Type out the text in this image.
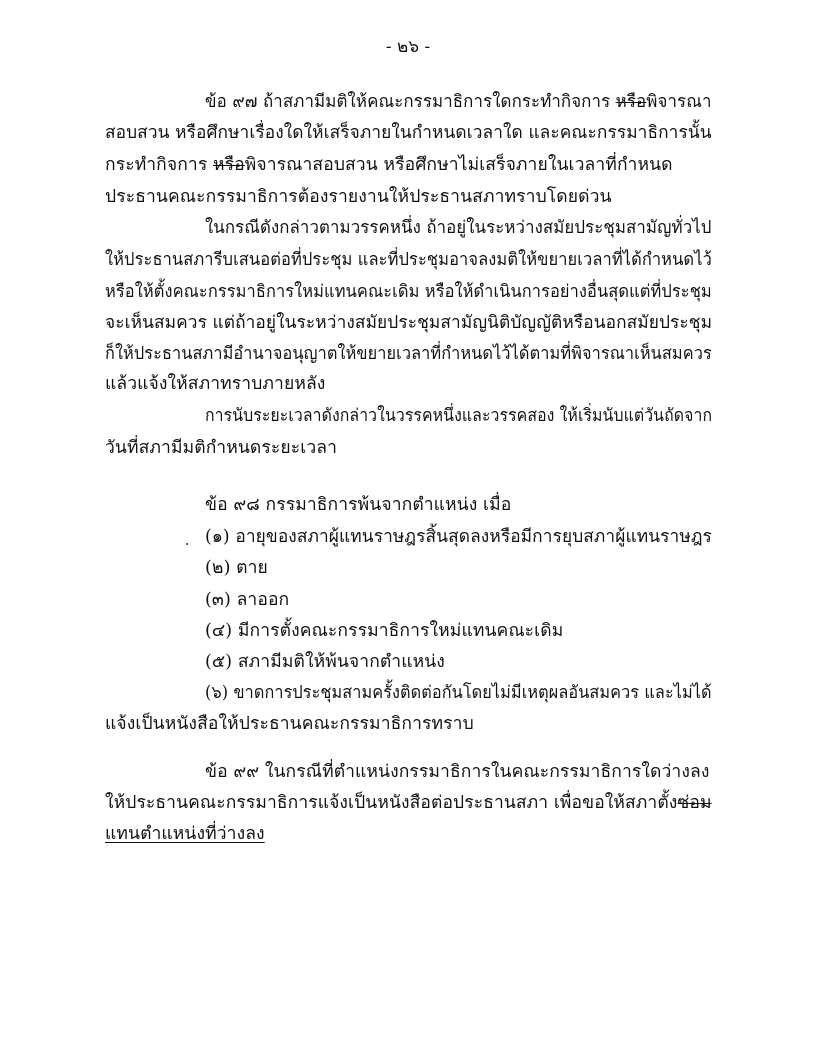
- ๒๖ -
ข้อ ๙๗ ถ้าสภามีมติให้คณะกรรมาธิการใดกระทำกิจการ หรือพิจารณา
สอบสวน หรือศึกษาเรื่องใดให้เสร็จภายในกำหนดเวลาใด และคณะกรรมาธิการนั้น
กระทำกิจการ หรือพิจารณาสอบสวน หรือศึกษาไม่เสร็จภายในเวลาที่กำหนด
ประธานคณะกรรมาธิการต้องรายงานให้ประธานสภาทราบโดยด่วน
ในกรณีดังกล่าวตามวรรคหนึ่ง ถ้าอยู่ในระหว่างสมัยประชุมสามัญทั่วไป
ให้ประธานสภารีบเสนอต่อที่ประชุม และที่ประชุมอาจลงมติให้ขยายเวลาที่ได้กำหนดไว้
หรือให้ตั้งคณะกรรมาธิการใหม่แทนคณะเดิม หรือให้ดำเนินการอย่างอื่นสุดแต่ที่ประชุม
จะเห็นสมควร แต่ถ้าอยู่ในระหว่างสมัยประชุมสามัญนิติบัญญัติหรือนอกสมัยประชุม
ก็ให้ประธานสภามีอำนาจอนุญาตให้ขยายเวลาที่กำหนดไว้ได้ตามที่พิจารณาเห็นสมควร
แล้วแจ้งให้สภาทราบภายหลัง
การนับระยะเวลาดังกล่าวในวรรคหนึ่งและวรรคสอง ให้เริ่มนับแต่วันถัดจาก
วันที่สภามีมติกำหนดระยะเวลา
ข้อ ๙๘ กรรมาธิการพ้นจากตำแหน่ง เมื่อ
(๑) อายุของสภาผู้แทนราษฎรสิ้นสุดลงหรือมีการยุบสภาผู้แทนราษฎร
(๒) ตาย
(๓) ลาออก
(๔) มีการตั้งคณะกรรมาธิการใหม่แทนคณะเดิม
(๕) สภามีมติให้พ้นจากตำแหน่ง
(๖) ขาดการประชุมสามครั้งติดต่อกันโดยไม่มีเหตุผลอันสมควร และไม่ได้
แจ้งเป็นหนังสือให้ประธานคณะกรรมาธิการทราบ
ข้อ ๙๙ ในกรณีที่ตำแหน่งกรรมาธิการในคณะกรรมาธิการใดว่างลง
ให้ประธานคณะกรรมาธิการแจ้งเป็นหนังสือต่อประธานสภา เพื่อขอให้สภาตั้งซ่อม
แทนตำแหน่งที่ว่างลง
